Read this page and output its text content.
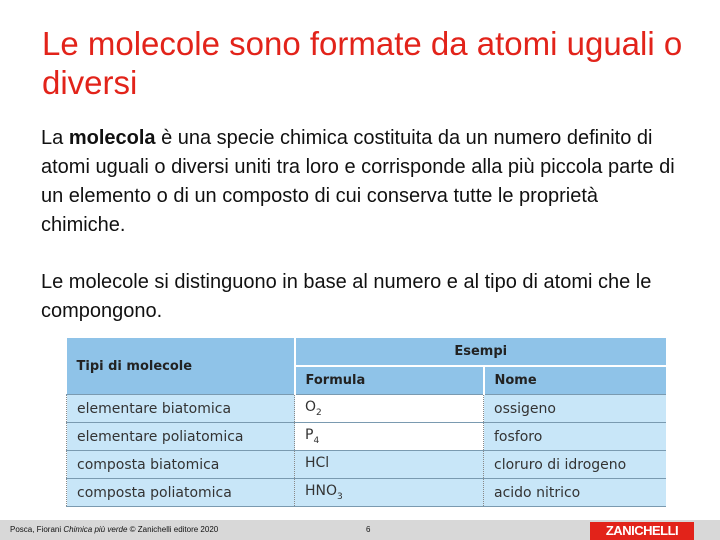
Le molecole sono formate da atomi uguali o diversi

La molecola è una specie chimica costituita da un numero definito di atomi uguali o diversi uniti tra loro e corrisponde alla più piccola parte di un elemento o di un composto di cui conserva tutte le proprietà chimiche.

Le molecole si distinguono in base al numero e al tipo di atomi che le compongono.

Tipi di molecole	Esempi	
	Formula	Nome
elementare biatomica	$O_2$	ossigeno
elementare poliatomica	$P_4$	fosforo
composta biatomica	HCl	cloruro di idrogeno
composta poliatomica	$HNO_3$	acido nitrico
Posca, Fiorani Chimica più verde © Zanichelli editore 2020	6	ZANICHELLI
